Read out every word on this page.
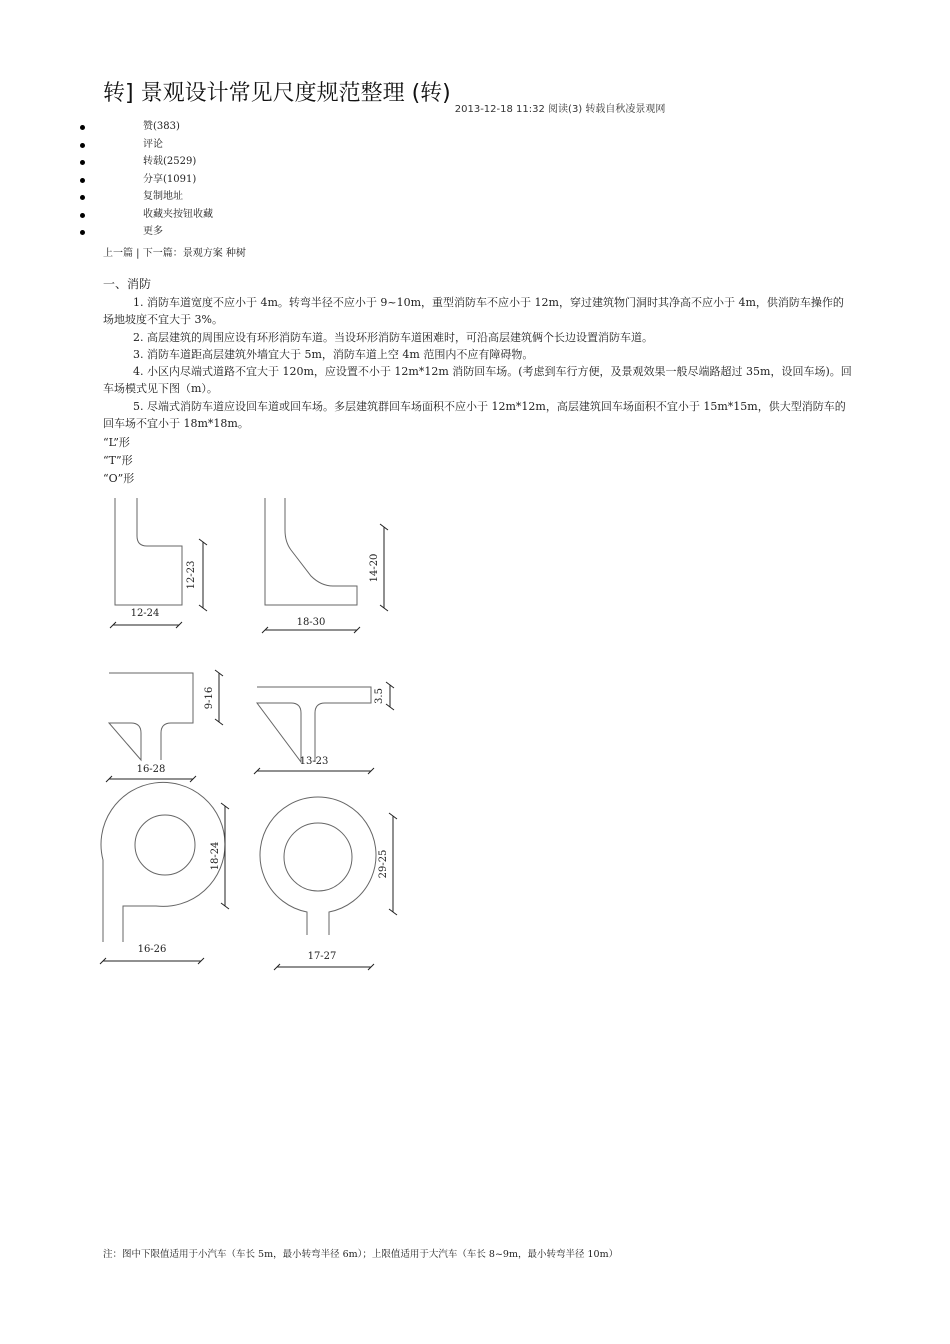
转] 景观设计常见尺度规范整理 (转)$_{2013-12-18 11:32 阅读(3) 转载自秋凌景观网}$
赞(383)
评论
转载(2529)
分享(1091)
复制地址
收藏夹按钮收藏
更多
上一篇 | 下一篇：景观方案 种树
一、消防

1. 消防车道宽度不应小于 4m。转弯半径不应小于 9~10m，重型消防车不应小于 12m，穿过建筑物门洞时其净高不应小于 4m，供消防车操作的场地坡度不宜大于 3%。

2. 高层建筑的周围应设有环形消防车道。当设环形消防车道困难时，可沿高层建筑俩个长边设置消防车道。

3. 消防车道距高层建筑外墙宜大于 5m，消防车道上空 4m 范围内不应有障碍物。

4. 小区内尽端式道路不宜大于 120m，应设置不小于 12m*12m 消防回车场。(考虑到车行方便，及景观效果一般尽端路超过 35m，设回车场)。回车场模式见下图（m）。

5. 尽端式消防车道应设回车道或回车场。多层建筑群回车场面积不应小于 12m*12m，高层建筑回车场面积不宜小于 15m*15m，供大型消防车的回车场不宜小于 18m*18m。

“L”形
“T”形
“O”形
12-24
12-23
18-30
14-20
16-28
9-16
13-23
3.5
16-26
18-24
17-27
29-25
注：图中下限值适用于小汽车（车长 5m，最小转弯半径 6m）；上限值适用于大汽车（车长 8~9m，最小转弯半径 10m）
